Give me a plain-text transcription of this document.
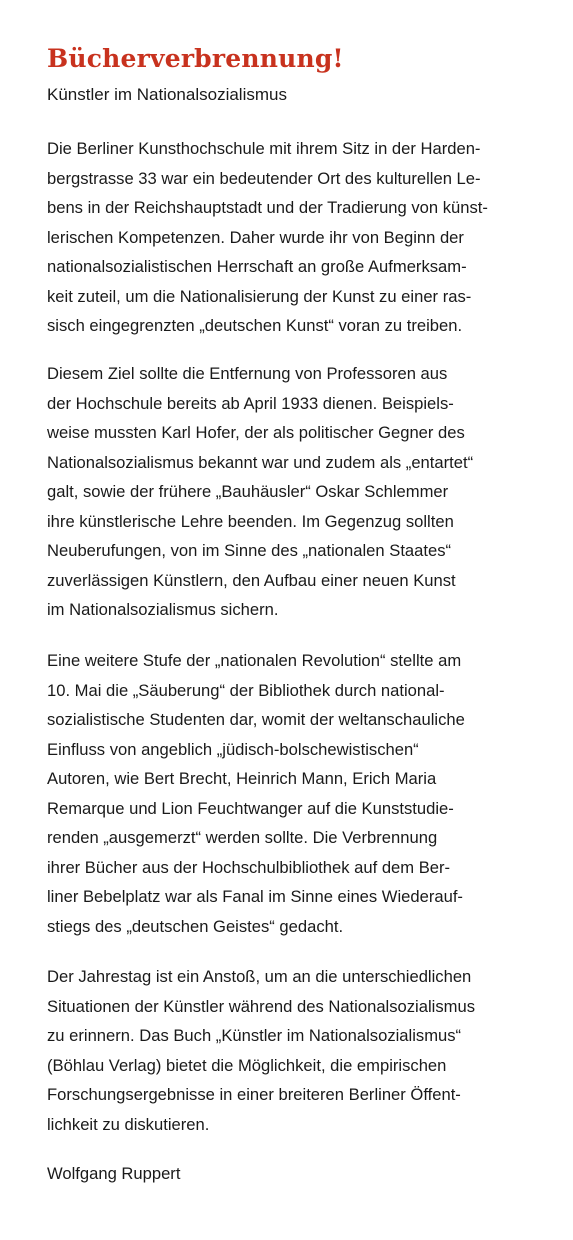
Bücherverbrennung!

Künstler im Nationalsozialismus

Die Berliner Kunsthochschule mit ihrem Sitz in der Harden-
bergstrasse 33 war ein bedeutender Ort des kulturellen Le-
bens in der Reichshauptstadt und der Tradierung von künst-
lerischen Kompetenzen. Daher wurde ihr von Beginn der
nationalsozialistischen Herrschaft an große Aufmerksam-
keit zuteil, um die Nationalisierung der Kunst zu einer ras-
sisch eingegrenzten „deutschen Kunst“ voran zu treiben.

Diesem Ziel sollte die Entfernung von Professoren aus
der Hochschule bereits ab April 1933 dienen. Beispiels-
weise mussten Karl Hofer, der als politischer Gegner des
Nationalsozialismus bekannt war und zudem als „entartet“
galt, sowie der frühere „Bauhäusler“ Oskar Schlemmer
ihre künstlerische Lehre beenden. Im Gegenzug sollten
Neuberufungen, von im Sinne des „nationalen Staates“
zuverlässigen Künstlern, den Aufbau einer neuen Kunst
im Nationalsozialismus sichern.

Eine weitere Stufe der „nationalen Revolution“ stellte am
10. Mai die „Säuberung“ der Bibliothek durch national-
sozialistische Studenten dar, womit der weltanschauliche
Einfluss von angeblich „jüdisch-bolschewistischen“
Autoren, wie Bert Brecht, Heinrich Mann, Erich Maria
Remarque und Lion Feuchtwanger auf die Kunststudie-
renden „ausgemerzt“ werden sollte. Die Verbrennung
ihrer Bücher aus der Hochschulbibliothek auf dem Ber-
liner Bebelplatz war als Fanal im Sinne eines Wiederauf-
stiegs des „deutschen Geistes“ gedacht.

Der Jahrestag ist ein Anstoß, um an die unterschiedlichen
Situationen der Künstler während des Nationalsozialismus
zu erinnern. Das Buch „Künstler im Nationalsozialismus“
(Böhlau Verlag) bietet die Möglichkeit, die empirischen
Forschungsergebnisse in einer breiteren Berliner Öffent-
lichkeit zu diskutieren.

Wolfgang Ruppert
